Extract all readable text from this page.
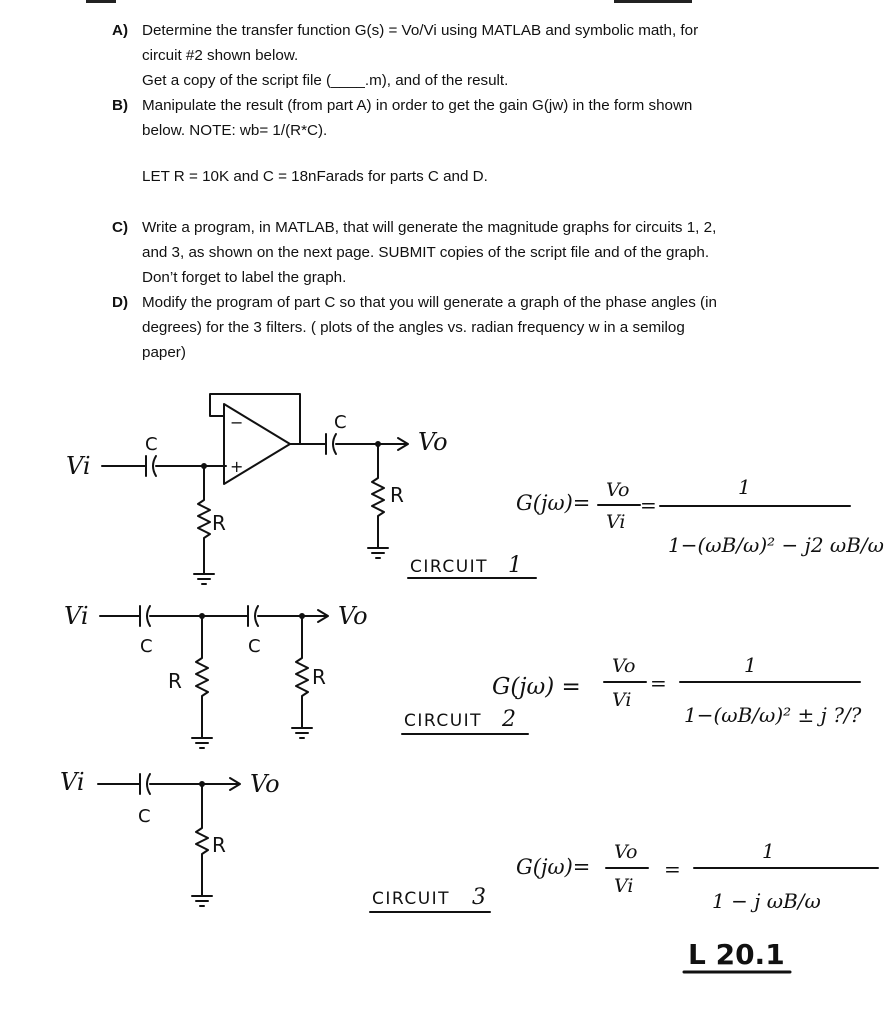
A) Determine the transfer function G(s) = Vo/Vi using MATLAB and symbolic math, for

circuit #2 shown below.

Get a copy of the script file (____.m), and of the result.

B) Manipulate the result (from part A) in order to get the gain G(jw) in the form shown

below. NOTE: wb= 1/(R*C).

LET R = 10K and C = 18nFarads for parts C and D.

C) Write a program, in MATLAB, that will generate the magnitude graphs for circuits 1, 2,

and 3, as shown on the next page. SUBMIT copies of the script file and of the graph.

Don’t forget to label the graph.

D) Modify the program of part C so that you will generate a graph of the phase angles (in

degrees) for the 3 filters. ( plots of the angles vs. radian frequency w in a semilog

paper)

Vi
C
R
−
+
C
Vo
R
CIRCUIT 1
G(jω)=
Vo
Vi
=
1
1−(ωB/ω)² − j2 ωB/ω
Vi
C
R
C
Vo
R
CIRCUIT 2
G(jω) =
Vo
Vi
=
1
1−(ωB/ω)² ± j ?/?
Vi
C
Vo
R
CIRCUIT 3
G(jω)=
Vo
Vi
=
1
1 − j ωB/ω
L 20.1
